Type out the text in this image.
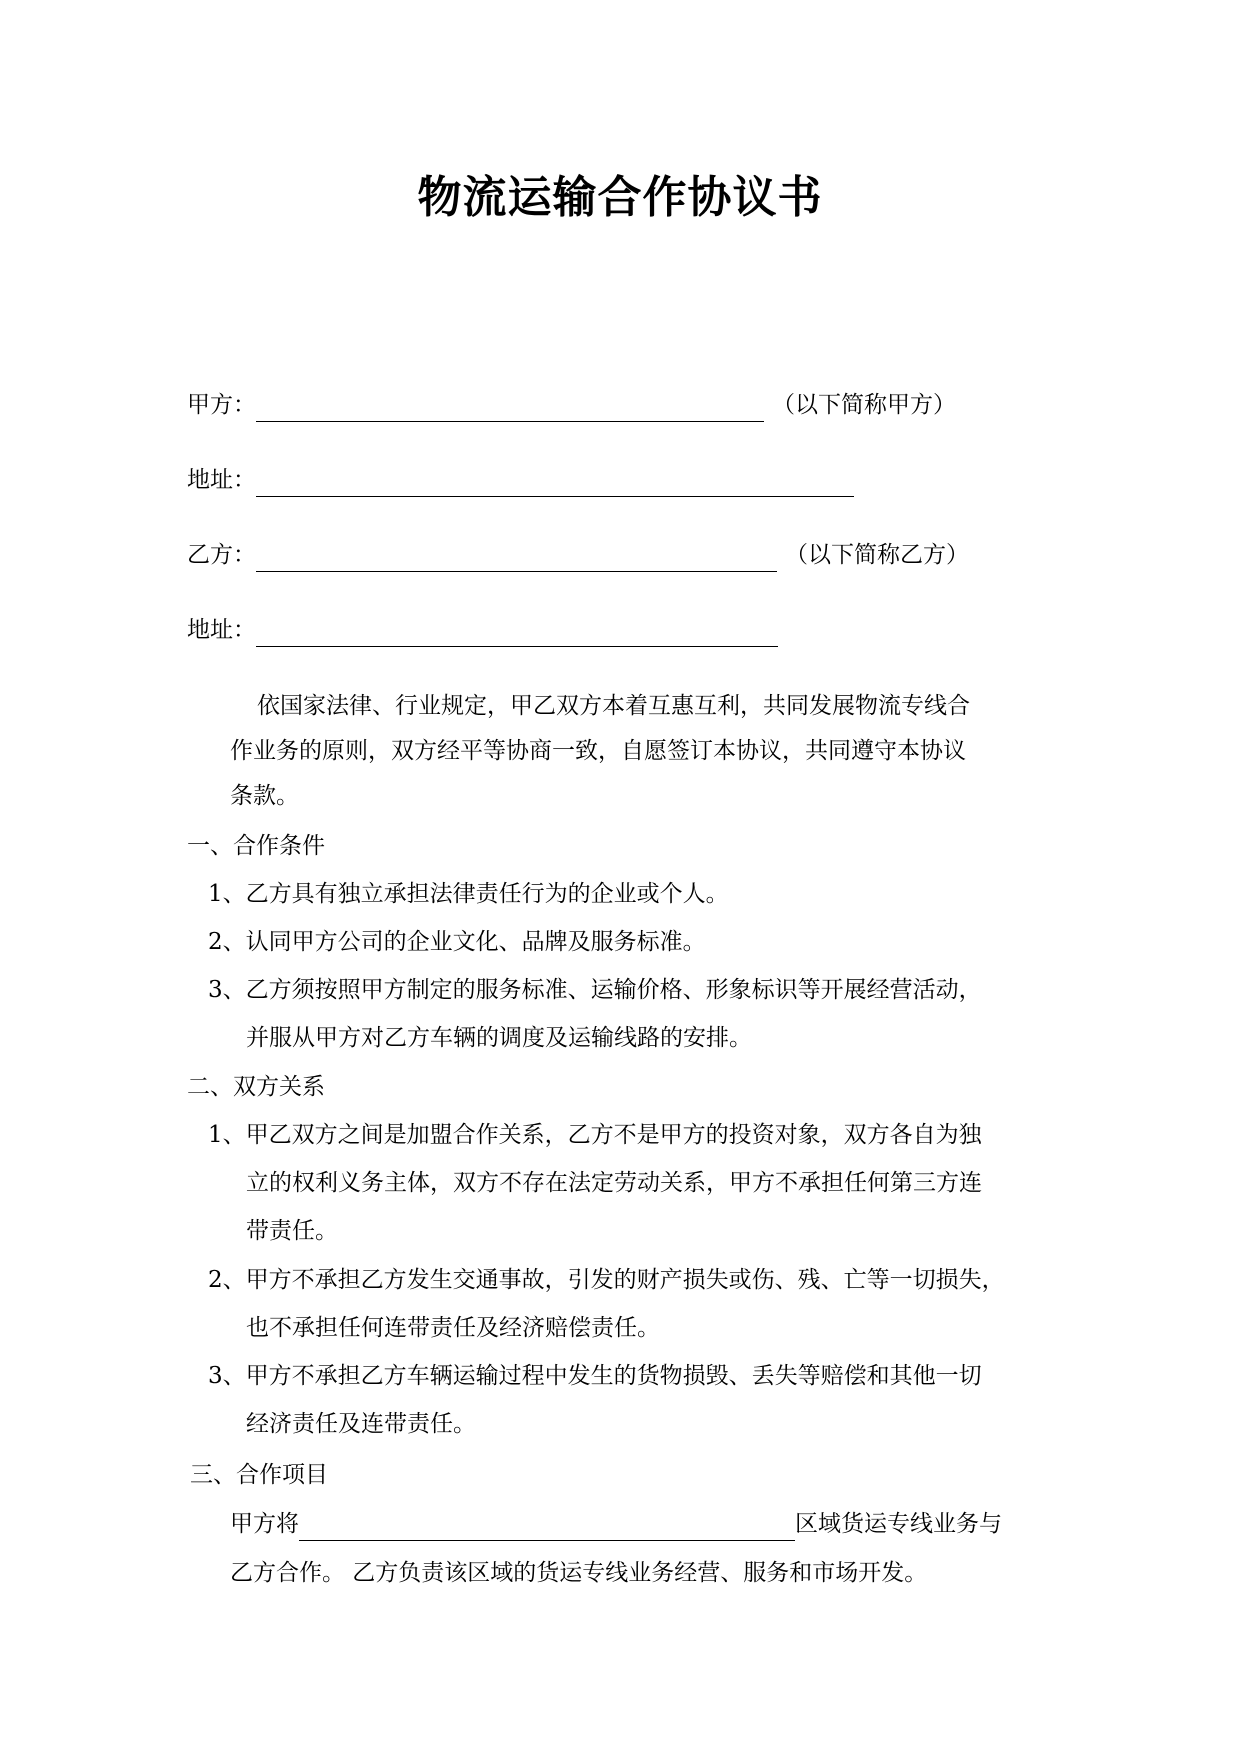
物流运输合作协议书
甲方：	（以下简称甲方）
地址：
乙方：	（以下简称乙方）
地址：
依国家法律、行业规定，甲乙双方本着互惠互利，共同发展物流专线合
作业务的原则，双方经平等协商一致，自愿签订本协议，共同遵守本协议
条款。
一、合作条件
1、乙方具有独立承担法律责任行为的企业或个人。
2、认同甲方公司的企业文化、品牌及服务标准。
3、乙方须按照甲方制定的服务标准、运输价格、形象标识等开展经营活动，
并服从甲方对乙方车辆的调度及运输线路的安排。
二、双方关系
1、甲乙双方之间是加盟合作关系，乙方不是甲方的投资对象，双方各自为独
立的权利义务主体，双方不存在法定劳动关系，甲方不承担任何第三方连
带责任。
2、甲方不承担乙方发生交通事故，引发的财产损失或伤、残、亡等一切损失，
也不承担任何连带责任及经济赔偿责任。
3、甲方不承担乙方车辆运输过程中发生的货物损毁、丢失等赔偿和其他一切
经济责任及连带责任。
三、合作项目
甲方将	区域货运专线业务与
乙方合作。 乙方负责该区域的货运专线业务经营、服务和市场开发。
